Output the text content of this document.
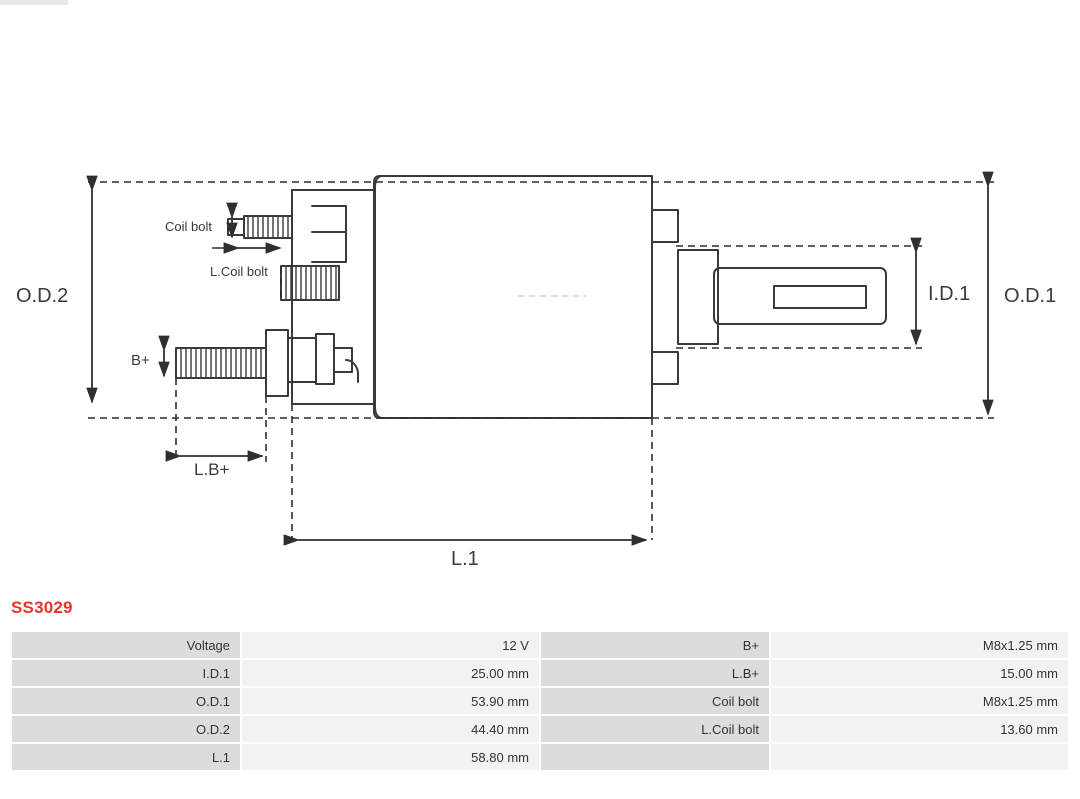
O.D.2	O.D.1
I.D.1
L.1
L.B+
Coil bolt
L.Coil bolt
B+
SS3029
Voltage	12 V	B+	M8x1.25 mm
I.D.1	25.00 mm	L.B+	15.00 mm
O.D.1	53.90 mm	Coil bolt	M8x1.25 mm
O.D.2	44.40 mm	L.Coil bolt	13.60 mm
L.1	58.80 mm		
